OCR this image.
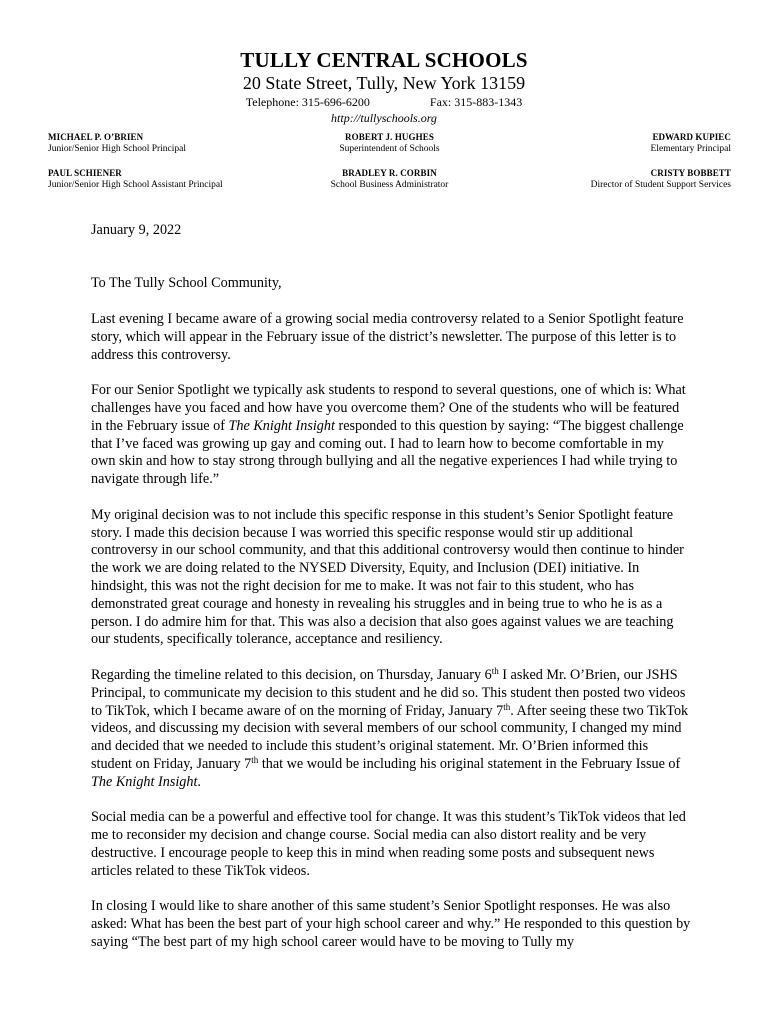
TULLY CENTRAL SCHOOLS
20 State Street, Tully, New York 13159
Telephone: 315-696-6200	Fax: 315-883-1343
http://tullyschools.org
MICHAEL P. O’BRIEN
Junior/Senior High School Principal
ROBERT J. HUGHES
Superintendent of Schools
EDWARD KUPIEC
Elementary Principal
PAUL SCHIENER
Junior/Senior High School Assistant Principal
BRADLEY R. CORBIN
School Business Administrator
CRISTY BOBBETT
Director of Student Support Services

January 9, 2022

To The Tully School Community,

Last evening I became aware of a growing social media controversy related to a Senior Spotlight feature story, which will appear in the February issue of the district’s newsletter. The purpose of this letter is to address this controversy.

For our Senior Spotlight we typically ask students to respond to several questions, one of which is: What challenges have you faced and how have you overcome them? One of the students who will be featured in the February issue of The Knight Insight responded to this question by saying: “The biggest challenge that I’ve faced was growing up gay and coming out. I had to learn how to become comfortable in my own skin and how to stay strong through bullying and all the negative experiences I had while trying to navigate through life.”

My original decision was to not include this specific response in this student’s Senior Spotlight feature story. I made this decision because I was worried this specific response would stir up additional controversy in our school community, and that this additional controversy would then continue to hinder the work we are doing related to the NYSED Diversity, Equity, and Inclusion (DEI) initiative. In hindsight, this was not the right decision for me to make. It was not fair to this student, who has demonstrated great courage and honesty in revealing his struggles and in being true to who he is as a person. I do admire him for that. This was also a decision that also goes against values we are teaching our students, specifically tolerance, acceptance and resiliency.

Regarding the timeline related to this decision, on Thursday, January 6th I asked Mr. O’Brien, our JSHS Principal, to communicate my decision to this student and he did so. This student then posted two videos to TikTok, which I became aware of on the morning of Friday, January 7th. After seeing these two TikTok videos, and discussing my decision with several members of our school community, I changed my mind and decided that we needed to include this student’s original statement. Mr. O’Brien informed this student on Friday, January 7th that we would be including his original statement in the February Issue of The Knight Insight.

Social media can be a powerful and effective tool for change. It was this student’s TikTok videos that led me to reconsider my decision and change course. Social media can also distort reality and be very destructive. I encourage people to keep this in mind when reading some posts and subsequent news articles related to these TikTok videos.

In closing I would like to share another of this same student’s Senior Spotlight responses. He was also asked: What has been the best part of your high school career and why.” He responded to this question by saying “The best part of my high school career would have to be moving to Tully my
